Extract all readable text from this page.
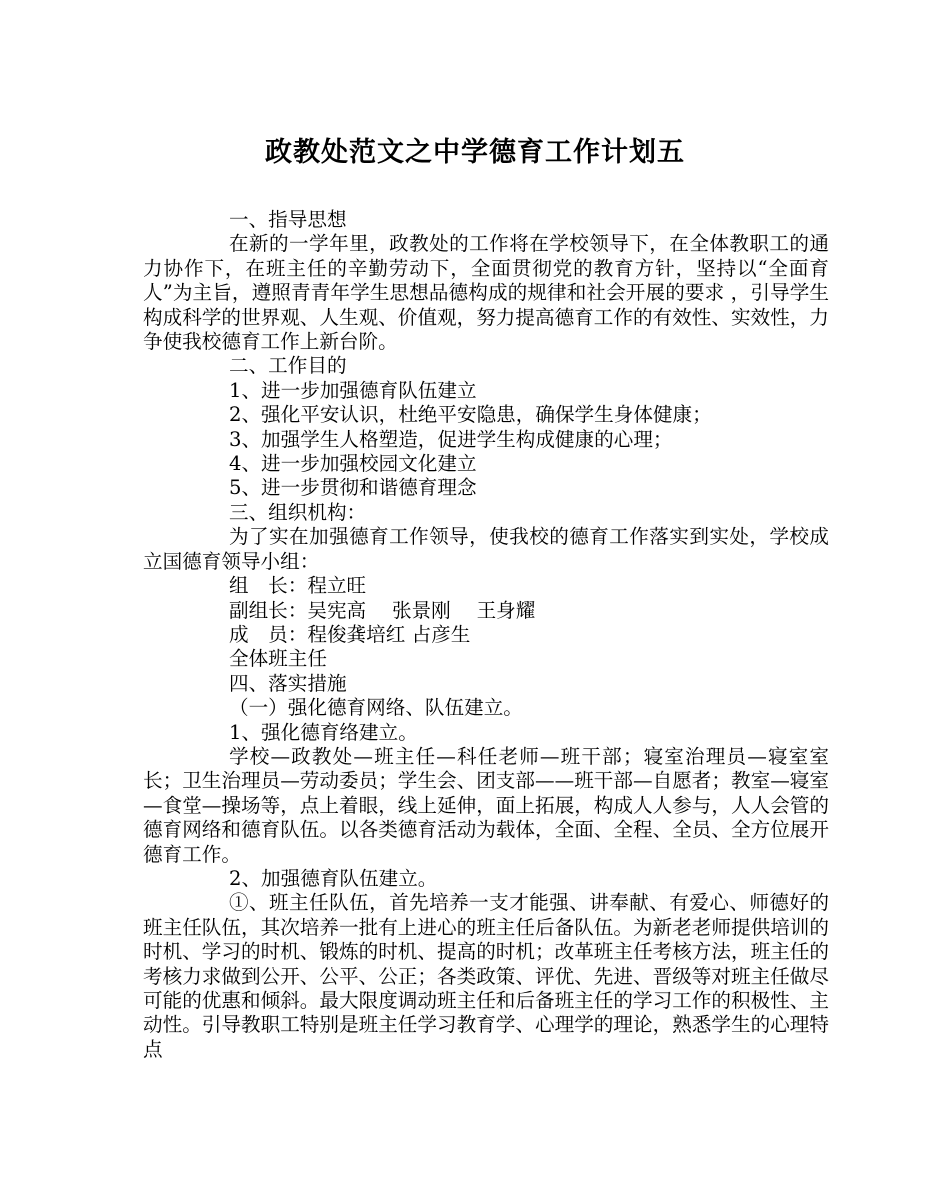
政教处范文之中学德育工作计划五

一、指导思想

在新的一学年里，政教处的工作将在学校领导下，在全体教职工的通力协作下，在班主任的辛勤劳动下，全面贯彻党的教育方针，坚持以“全面育人”为主旨，遵照青青年学生思想品德构成的规律和社会开展的要求 ，引导学生构成科学的世界观、人生观、价值观，努力提高德育工作的有效性、实效性，力争使我校德育工作上新台阶。

二、工作目的

1、进一步加强德育队伍建立

2、强化平安认识，杜绝平安隐患，确保学生身体健康；

3、加强学生人格塑造，促进学生构成健康的心理；

4、进一步加强校园文化建立

5、进一步贯彻和谐德育理念

三、组织机构：

为了实在加强德育工作领导，使我校的德育工作落实到实处，学校成立国德育领导小组：

组　长：程立旺

副组长：吴宪高　 张景刚　 王身耀

成　员：程俊龚培红 占彦生

全体班主任

四、落实措施

（一）强化德育网络、队伍建立。

1、强化德育络建立。

学校—政教处—班主任—科任老师—班干部；寝室治理员—寝室室长；卫生治理员—劳动委员；学生会、团支部——班干部—自愿者；教室—寝室—食堂—操场等，点上着眼，线上延伸，面上拓展，构成人人参与，人人会管的德育网络和德育队伍。以各类德育活动为载体，全面、全程、全员、全方位展开德育工作。

2、加强德育队伍建立。

①、班主任队伍，首先培养一支才能强、讲奉献、有爱心、师德好的班主任队伍，其次培养一批有上进心的班主任后备队伍。为新老老师提供培训的时机、学习的时机、锻炼的时机、提高的时机；改革班主任考核方法，班主任的考核力求做到公开、公平、公正；各类政策、评优、先进、晋级等对班主任做尽可能的优惠和倾斜。最大限度调动班主任和后备班主任的学习工作的积极性、主动性。引导教职工特别是班主任学习教育学、心理学的理论，熟悉学生的心理特点
